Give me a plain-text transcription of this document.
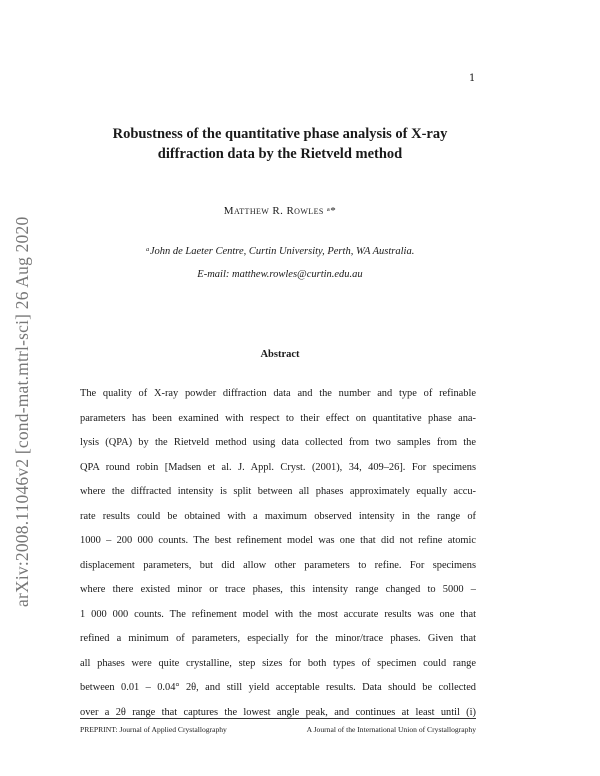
1
arXiv:2008.11046v2 [cond-mat.mtrl-sci] 26 Aug 2020
Robustness of the quantitative phase analysis of X-ray
diffraction data by the Rietveld method
Matthew R. Rowles ᵃ*
ᵃJohn de Laeter Centre, Curtin University, Perth, WA Australia.
E-mail: matthew.rowles@curtin.edu.au
Abstract
The quality of X-ray powder diffraction data and the number and type of refinable
parameters has been examined with respect to their effect on quantitative phase ana-
lysis (QPA) by the Rietveld method using data collected from two samples from the
QPA round robin [Madsen et al. J. Appl. Cryst. (2001), 34, 409–26]. For specimens
where the diffracted intensity is split between all phases approximately equally accu-
rate results could be obtained with a maximum observed intensity in the range of
1000 – 200 000 counts. The best refinement model was one that did not refine atomic
displacement parameters, but did allow other parameters to refine. For specimens
where there existed minor or trace phases, this intensity range changed to 5000 –
1 000 000 counts. The refinement model with the most accurate results was one that
refined a minimum of parameters, especially for the minor/trace phases. Given that
all phases were quite crystalline, step sizes for both types of specimen could range
between 0.01 – 0.04° 2θ, and still yield acceptable results. Data should be collected
over a 2θ range that captures the lowest angle peak, and continues at least until (i)
PREPRINT: Journal of Applied Crystallography	A Journal of the International Union of Crystallography
